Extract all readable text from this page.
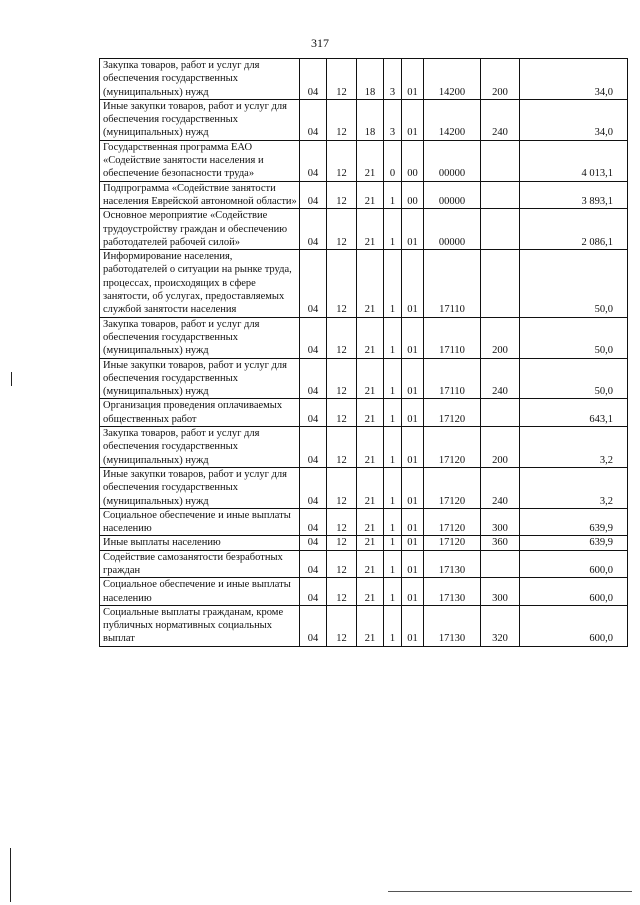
317
Закупка товаров, работ и услуг для обеспечения государственных (муниципальных) нужд	04	12	18	3	01	14200	200	34,0
Иные закупки товаров, работ и услуг для обеспечения государственных (муниципальных) нужд	04	12	18	3	01	14200	240	34,0
Государственная программа ЕАО «Содействие занятости населения и обеспечение безопасности труда»	04	12	21	0	00	00000		4 013,1
Подпрограмма «Содействие занятости населения Еврейской автономной области»	04	12	21	1	00	00000		3 893,1
Основное мероприятие «Содействие трудоустройству граждан и обеспечению работодателей рабочей силой»	04	12	21	1	01	00000		2 086,1
Информирование населения, работодателей о ситуации на рынке труда, процессах, происходящих в сфере занятости, об услугах, предоставляемых службой занятости населения	04	12	21	1	01	17110		50,0
Закупка товаров, работ и услуг для обеспечения государственных (муниципальных) нужд	04	12	21	1	01	17110	200	50,0
Иные закупки товаров, работ и услуг для обеспечения государственных (муниципальных) нужд	04	12	21	1	01	17110	240	50,0
Организация проведения оплачиваемых общественных работ	04	12	21	1	01	17120		643,1
Закупка товаров, работ и услуг для обеспечения государственных (муниципальных) нужд	04	12	21	1	01	17120	200	3,2
Иные закупки товаров, работ и услуг для обеспечения государственных (муниципальных) нужд	04	12	21	1	01	17120	240	3,2
Социальное обеспечение и иные выплаты населению	04	12	21	1	01	17120	300	639,9
Иные выплаты населению	04	12	21	1	01	17120	360	639,9
Содействие самозанятости безработных граждан	04	12	21	1	01	17130		600,0
Социальное обеспечение и иные выплаты населению	04	12	21	1	01	17130	300	600,0
Социальные выплаты гражданам, кроме публичных нормативных социальных выплат	04	12	21	1	01	17130	320	600,0
